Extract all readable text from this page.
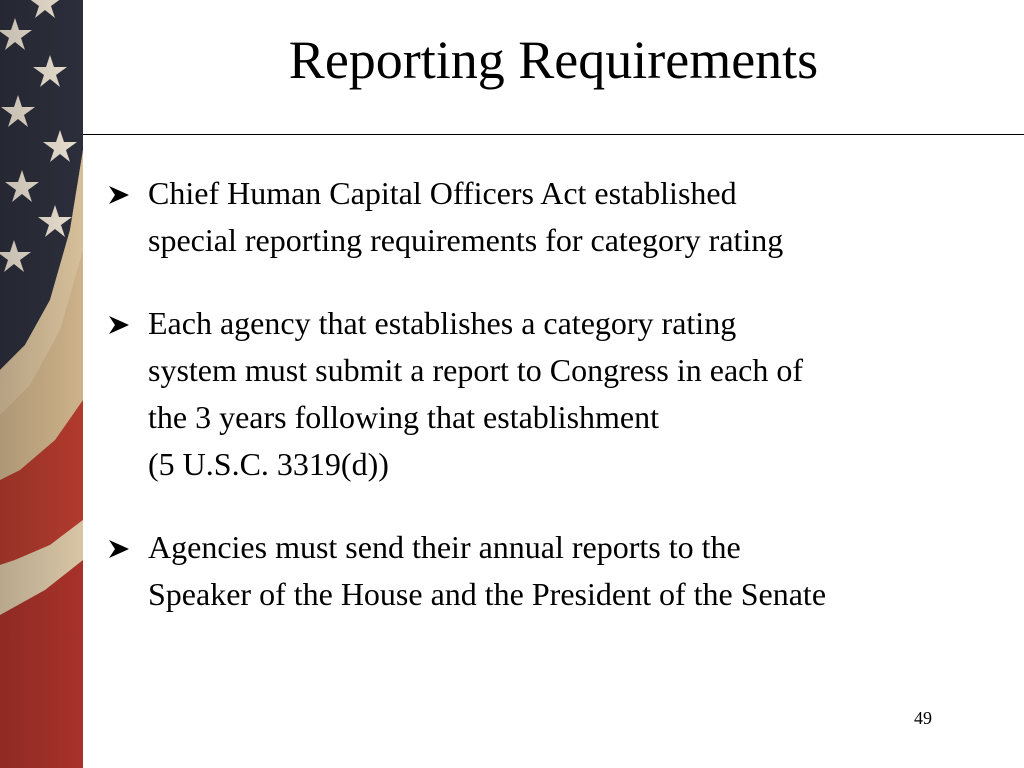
Reporting Requirements
Chief Human Capital Officers Act established
special reporting requirements for category rating
Each agency that establishes a category rating
system must submit a report to Congress in each of
the 3 years following that establishment
(5 U.S.C. 3319(d))
Agencies must send their annual reports to the
Speaker of the House and the President of the Senate
49
